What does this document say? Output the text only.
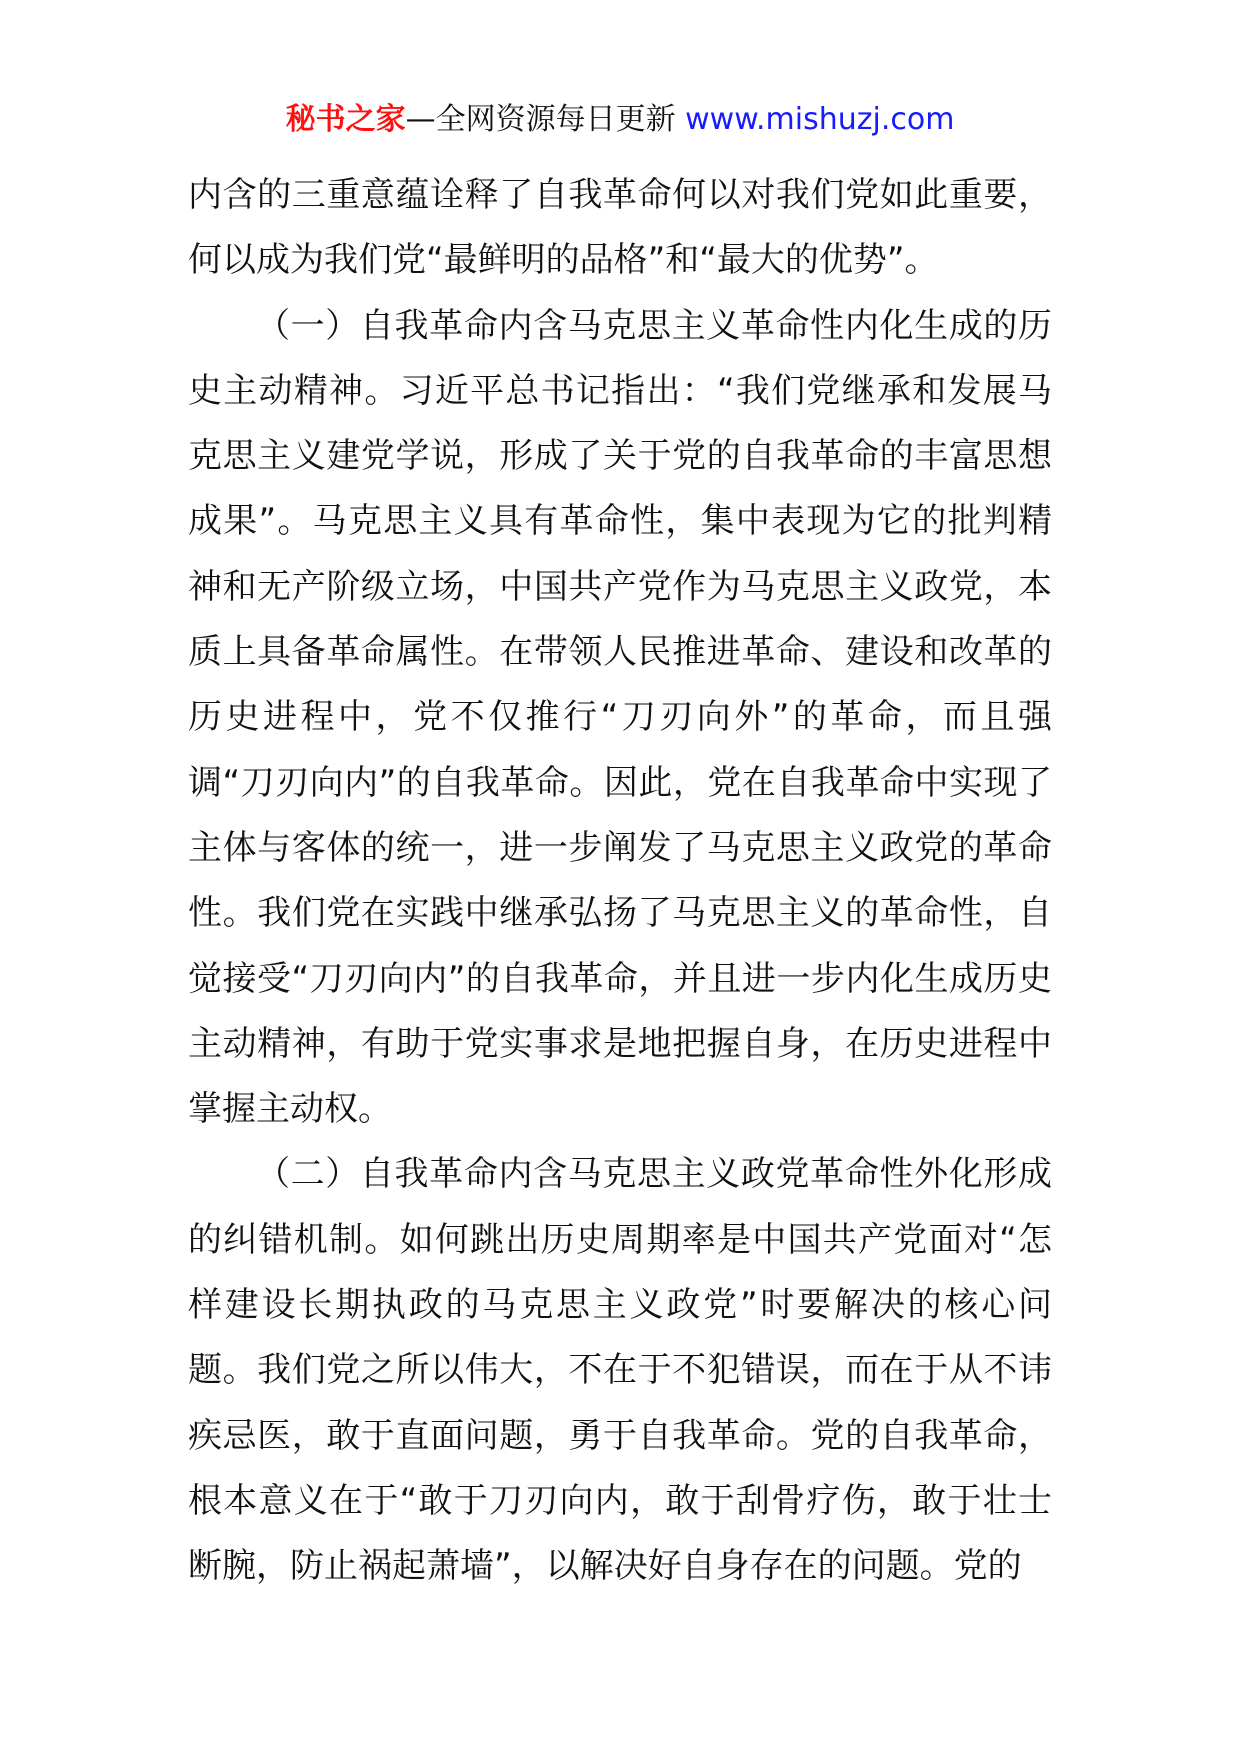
秘书之家—全网资源每日更新 www.mishuzj.com

内含的三重意蕴诠释了自我革命何以对我们党如此重要，何以成为我们党“最鲜明的品格”和“最大的优势”。

（一）自我革命内含马克思主义革命性内化生成的历史主动精神。习近平总书记指出：“我们党继承和发展马克思主义建党学说，形成了关于党的自我革命的丰富思想成果”。马克思主义具有革命性，集中表现为它的批判精神和无产阶级立场，中国共产党作为马克思主义政党，本质上具备革命属性。在带领人民推进革命、建设和改革的历史进程中，党不仅推行“刀刃向外”的革命，而且强调“刀刃向内”的自我革命。因此，党在自我革命中实现了主体与客体的统一，进一步阐发了马克思主义政党的革命性。我们党在实践中继承弘扬了马克思主义的革命性，自觉接受“刀刃向内”的自我革命，并且进一步内化生成历史主动精神，有助于党实事求是地把握自身，在历史进程中掌握主动权。

（二）自我革命内含马克思主义政党革命性外化形成的纠错机制。如何跳出历史周期率是中国共产党面对“怎样建设长期执政的马克思主义政党”时要解决的核心问题。我们党之所以伟大，不在于不犯错误，而在于从不讳疾忌医，敢于直面问题，勇于自我革命。党的自我革命，根本意义在于“敢于刀刃向内，敢于刮骨疗伤，敢于壮士断腕，防止祸起萧墙”，以解决好自身存在的问题。党的
